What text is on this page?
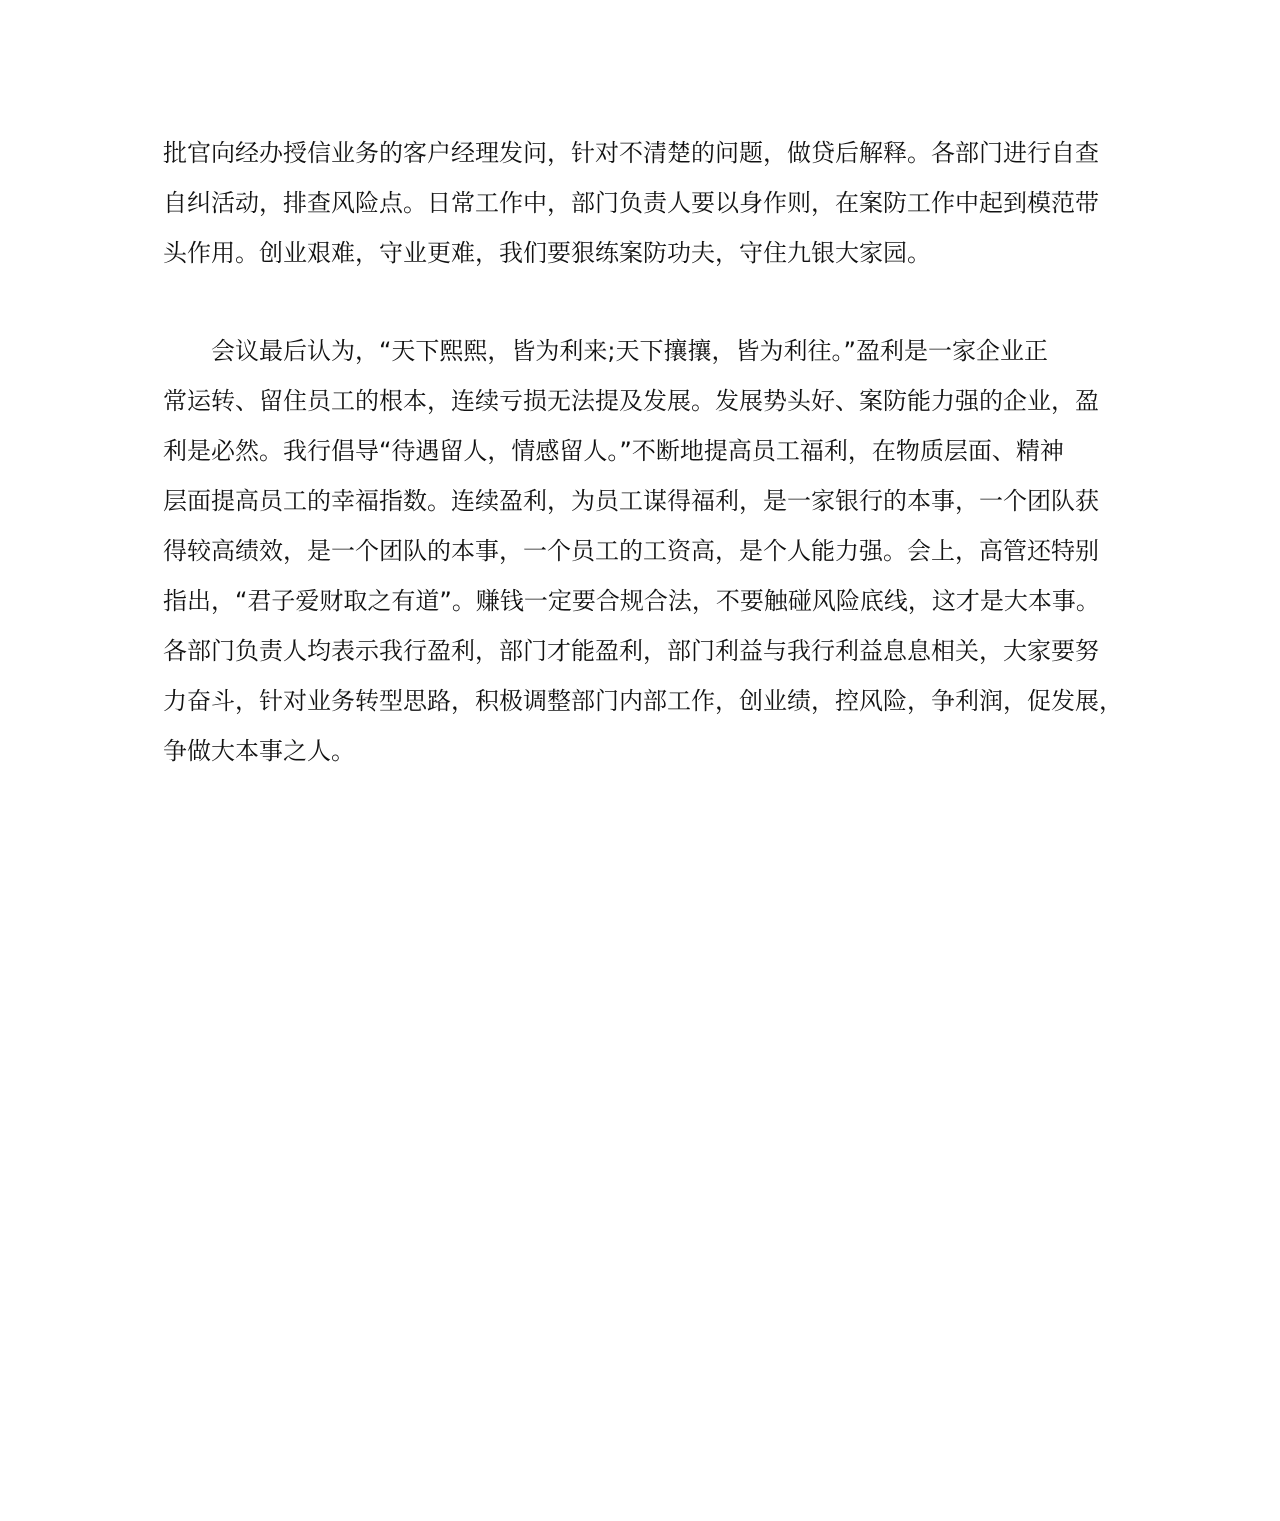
批官向经办授信业务的客户经理发问，针对不清楚的问题，做贷后解释。各部门进行自查
自纠活动，排查风险点。日常工作中，部门负责人要以身作则，在案防工作中起到模范带
头作用。创业艰难，守业更难，我们要狠练案防功夫，守住九银大家园。
会议最后认为，“天下熙熙，皆为利来;天下攘攘，皆为利往。”盈利是一家企业正
常运转、留住员工的根本，连续亏损无法提及发展。发展势头好、案防能力强的企业，盈
利是必然。我行倡导“待遇留人，情感留人。”不断地提高员工福利，在物质层面、精神
层面提高员工的幸福指数。连续盈利，为员工谋得福利，是一家银行的本事，一个团队获
得较高绩效，是一个团队的本事，一个员工的工资高，是个人能力强。会上，高管还特别
指出，“君子爱财取之有道”。赚钱一定要合规合法，不要触碰风险底线，这才是大本事。
各部门负责人均表示我行盈利，部门才能盈利，部门利益与我行利益息息相关，大家要努
力奋斗，针对业务转型思路，积极调整部门内部工作，创业绩，控风险，争利润，促发展，
争做大本事之人。
